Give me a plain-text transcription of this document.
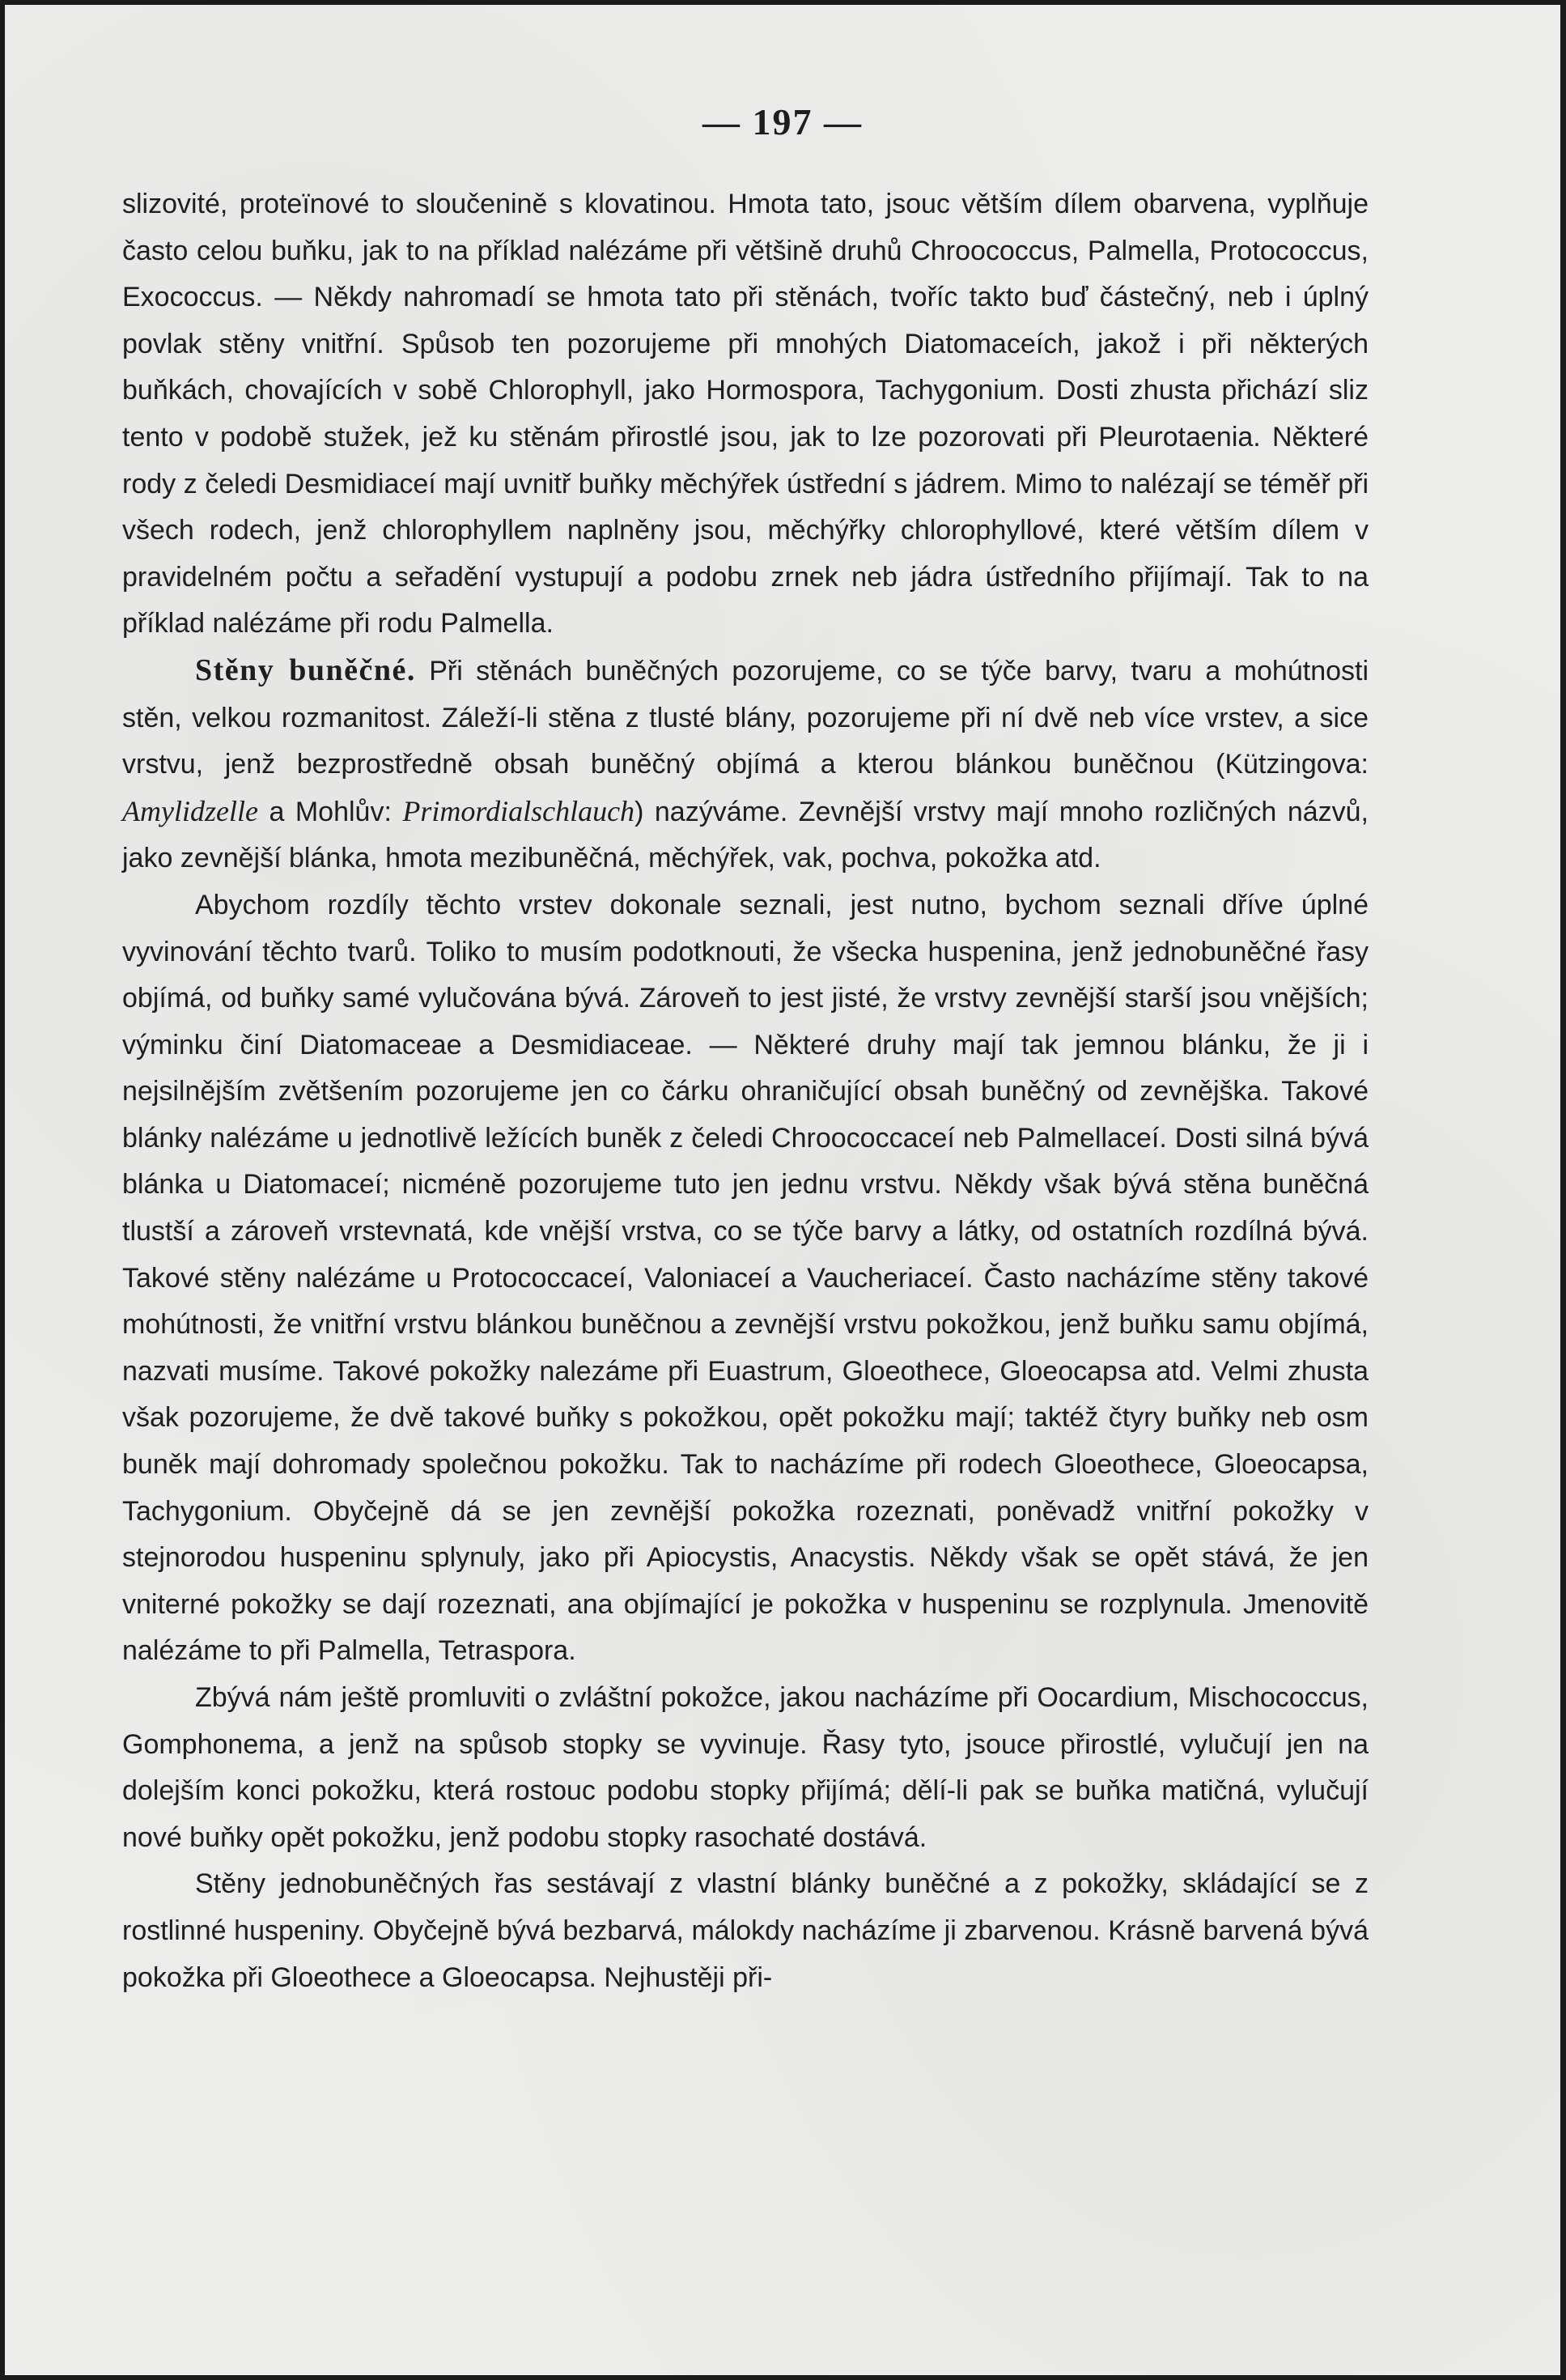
— 197 —

slizovité, proteïnové to sloučenině s klovatinou. Hmota tato, jsouc větším dílem obarvena, vyplňuje často celou buňku, jak to na příklad nalézáme při většině druhů Chroococcus, Palmella, Protococcus, Exococcus. — Někdy nahromadí se hmota tato při stěnách, tvoříc takto buď částečný, neb i úplný povlak stěny vnitřní. Spůsob ten pozorujeme při mnohých Diatomaceích, jakož i při některých buňkách, chovajících v sobě Chlorophyll, jako Hormospora, Tachygonium. Dosti zhusta přichází sliz tento v podobě stužek, jež ku stěnám přirostlé jsou, jak to lze pozorovati při Pleurotaenia. Některé rody z čeledi Desmidiaceí mají uvnitř buňky měchýřek ústřední s jádrem. Mimo to nalézají se téměř při všech rodech, jenž chlorophyllem naplněny jsou, měchýřky chlorophyllové, které větším dílem v pravidelném počtu a seřadění vystupují a podobu zrnek neb jádra ústředního přijímají. Tak to na příklad nalézáme při rodu Palmella.

Stěny buněčné. Při stěnách buněčných pozorujeme, co se týče barvy, tvaru a mohútnosti stěn, velkou rozmanitost. Záleží-li stěna z tlusté blány, pozorujeme při ní dvě neb více vrstev, a sice vrstvu, jenž bezprostředně obsah buněčný objímá a kterou blánkou buněčnou (Kützingova: Amylidzelle a Mohlův: Primordialschlauch) nazýváme. Zevnější vrstvy mají mnoho rozličných názvů, jako zevnější blánka, hmota mezibuněčná, měchýřek, vak, pochva, pokožka atd.

Abychom rozdíly těchto vrstev dokonale seznali, jest nutno, bychom seznali dříve úplné vyvinování těchto tvarů. Toliko to musím podotknouti, že všecka huspenina, jenž jednobuněčné řasy objímá, od buňky samé vylučována bývá. Zároveň to jest jisté, že vrstvy zevnější starší jsou vnějších; výminku činí Diatomaceae a Desmidiaceae. — Některé druhy mají tak jemnou blánku, že ji i nejsilnějším zvětšením pozorujeme jen co čárku ohraničující obsah buněčný od zevnějška. Takové blánky nalézáme u jednotlivě ležících buněk z čeledi Chroococcaceí neb Palmellaceí. Dosti silná bývá blánka u Diatomaceí; nicméně pozorujeme tuto jen jednu vrstvu. Někdy však bývá stěna buněčná tlustší a zároveň vrstevnatá, kde vnější vrstva, co se týče barvy a látky, od ostatních rozdílná bývá. Takové stěny nalézáme u Protococcaceí, Valoniaceí a Vaucheriaceí. Často nacházíme stěny takové mohútnosti, že vnitřní vrstvu blánkou buněčnou a zevnější vrstvu pokožkou, jenž buňku samu objímá, nazvati musíme. Takové pokožky nalezáme při Euastrum, Gloeothece, Gloeocapsa atd. Velmi zhusta však pozorujeme, že dvě takové buňky s pokožkou, opět pokožku mají; taktéž čtyry buňky neb osm buněk mají dohromady společnou pokožku. Tak to nacházíme při rodech Gloeothece, Gloeocapsa, Tachygonium. Obyčejně dá se jen zevnější pokožka rozeznati, poněvadž vnitřní pokožky v stejnorodou huspeninu splynuly, jako při Apiocystis, Anacystis. Někdy však se opět stává, že jen vniterné pokožky se dají rozeznati, ana objímající je pokožka v huspeninu se rozplynula. Jmenovitě nalézáme to při Palmella, Tetraspora.

Zbývá nám ještě promluviti o zvláštní pokožce, jakou nacházíme při Oocardium, Mischococcus, Gomphonema, a jenž na spůsob stopky se vyvinuje. Řasy tyto, jsouce přirostlé, vylučují jen na dolejším konci pokožku, která rostouc podobu stopky přijímá; dělí-li pak se buňka matičná, vylučují nové buňky opět pokožku, jenž podobu stopky rasochaté dostává.

Stěny jednobuněčných řas sestávají z vlastní blánky buněčné a z pokožky, skládající se z rostlinné huspeniny. Obyčejně bývá bezbarvá, málokdy nacházíme ji zbarvenou. Krásně barvená bývá pokožka při Gloeothece a Gloeocapsa. Nejhustěji při-
